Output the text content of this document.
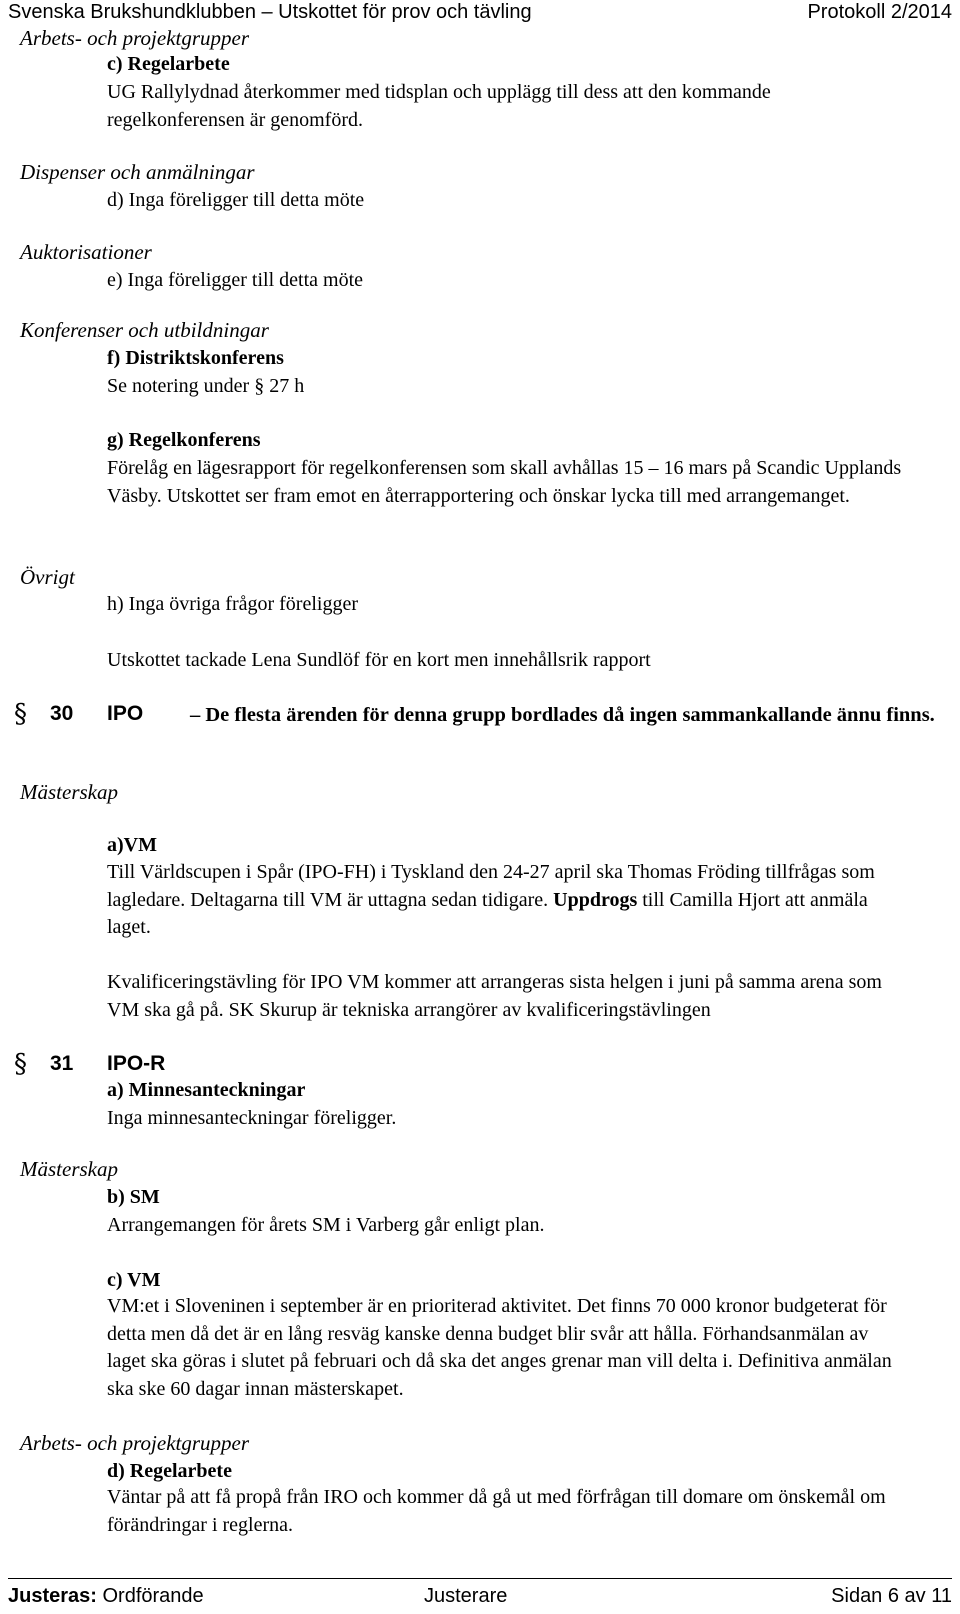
Svenska Brukshundklubben – Utskottet för prov och tävling	Protokoll 2/2014
Arbets- och projektgrupper
c) Regelarbete
UG Rallylydnad återkommer med tidsplan och upplägg till dess att den kommande regelkonferensen är genomförd.
Dispenser och anmälningar
d) Inga föreligger till detta möte
Auktorisationer
e) Inga föreligger till detta möte
Konferenser och utbildningar
f) Distriktskonferens
Se notering under § 27 h
g) Regelkonferens
Förelåg en lägesrapport för regelkonferensen som skall avhållas 15 – 16 mars på Scandic Upplands Väsby. Utskottet ser fram emot en återrapportering och önskar lycka till med arrangemanget.
Övrigt
h) Inga övriga frågor föreligger
Utskottet tackade Lena Sundlöf för en kort men innehållsrik rapport
§ 30	– De flesta ärenden för denna grupp bordlades då ingen sammankallande ännu finns.
IPO
Mästerskap
a)VM
Till Världscupen i Spår (IPO-FH) i Tyskland den 24-27 april ska Thomas Fröding tillfrågas som lagledare. Deltagarna till VM är uttagna sedan tidigare. Uppdrogs till Camilla Hjort att anmäla laget.
Kvalificeringstävling för IPO VM kommer att arrangeras sista helgen i juni på samma arena som VM ska gå på. SK Skurup är tekniska arrangörer av kvalificeringstävlingen
§ 31 IPO-R
a) Minnesanteckningar
Inga minnesanteckningar föreligger.
Mästerskap
b) SM
Arrangemangen för årets SM i Varberg går enligt plan.
c) VM
VM:et i Sloveninen i september är en prioriterad aktivitet. Det finns 70 000 kronor budgeterat för detta men då det är en lång resväg kanske denna budget blir svår att hålla. Förhandsanmälan av laget ska göras i slutet på februari och då ska det anges grenar man vill delta i. Definitiva anmälan ska ske 60 dagar innan mästerskapet.
Arbets- och projektgrupper
d) Regelarbete
Väntar på att få propå från IRO och kommer då gå ut med förfrågan till domare om önskemål om förändringar i reglerna.
Justeras: Ordförande	Justerare	Sidan 6 av 11
